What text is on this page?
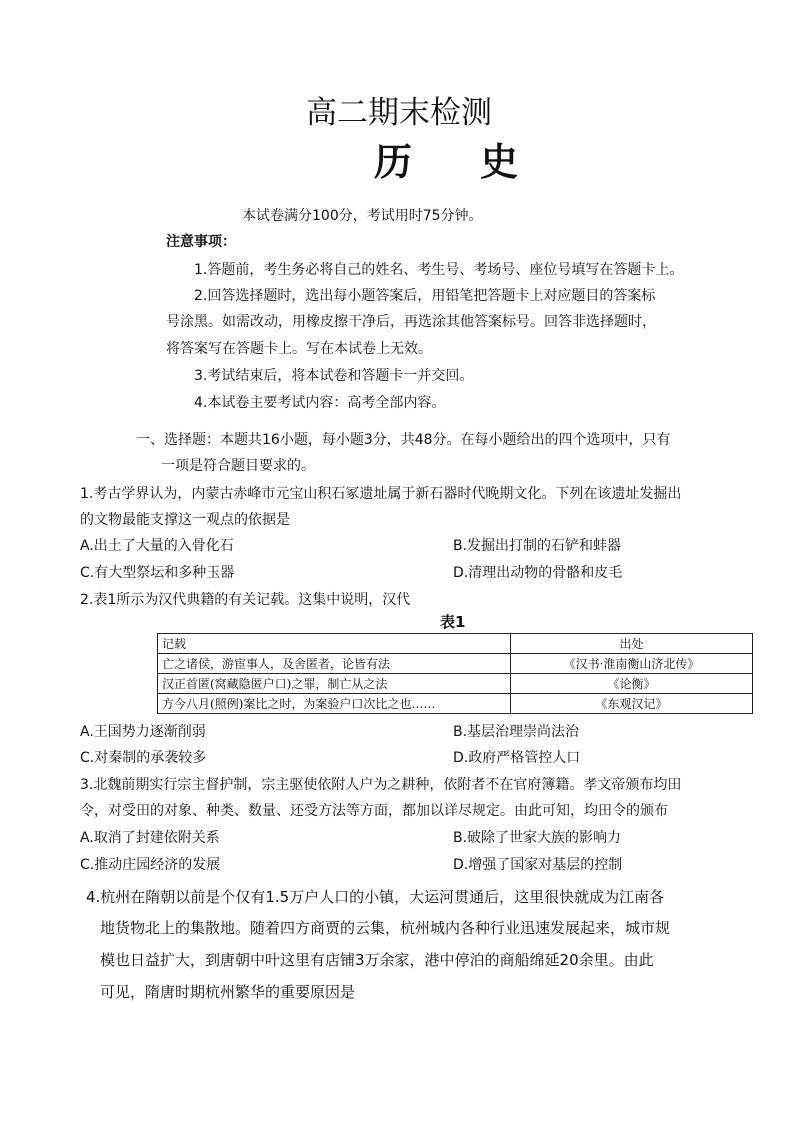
高二期末检测
历 史
本试卷满分100分，考试用时75分钟。
注意事项：
1.答题前，考生务必将自己的姓名、考生号、考场号、座位号填写在答题卡上。
2.回答选择题时，选出每小题答案后，用铅笔把答题卡上对应题目的答案标
号涂黑。如需改动，用橡皮擦干净后，再选涂其他答案标号。回答非选择题时，
将答案写在答题卡上。写在本试卷上无效。
3.考试结束后，将本试卷和答题卡一并交回。
4.本试卷主要考试内容：高考全部内容。
一、选择题：本题共16小题，每小题3分，共48分。在每小题给出的四个选项中，只有
一项是符合题目要求的。
1.考古学界认为，内蒙古赤峰市元宝山积石冢遗址属于新石器时代晚期文化。下列在该遗址发掘出
的文物最能支撑这一观点的依据是
A.出土了大量的入骨化石	B.发掘出打制的石铲和蚌器
C.有大型祭坛和多种玉器	D.清理出动物的骨骼和皮毛
2.表1所示为汉代典籍的有关记载。这集中说明，汉代
表1
记载	出处
亡之诸侯，游宦事人，及舍匿者，论皆有法	《汉书·淮南衡山济北传》
汉正首匿(窝藏隐匿户口)之罪，制亡从之法	《论衡》
方今八月(照例)案比之时，为案验户口次比之也……	《东观汉记》
A.王国势力逐渐削弱	B.基层治理崇尚法治
C.对秦制的承袭较多	D.政府严格管控人口
3.北魏前期实行宗主督护制，宗主驱使依附人户为之耕种，依附者不在官府簿籍。孝文帝颁布均田
令，对受田的对象、种类、数量、还受方法等方面，都加以详尽规定。由此可知，均田令的颁布
A.取消了封建依附关系	B.破除了世家大族的影响力
C.推动庄园经济的发展	D.增强了国家对基层的控制
4.杭州在隋朝以前是个仅有1.5万户人口的小镇，大运河贯通后，这里很快就成为江南各
地货物北上的集散地。随着四方商贾的云集，杭州城内各种行业迅速发展起来，城市规
模也日益扩大，到唐朝中叶这里有店铺3万余家，港中停泊的商船绵延20余里。由此
可见，隋唐时期杭州繁华的重要原因是
